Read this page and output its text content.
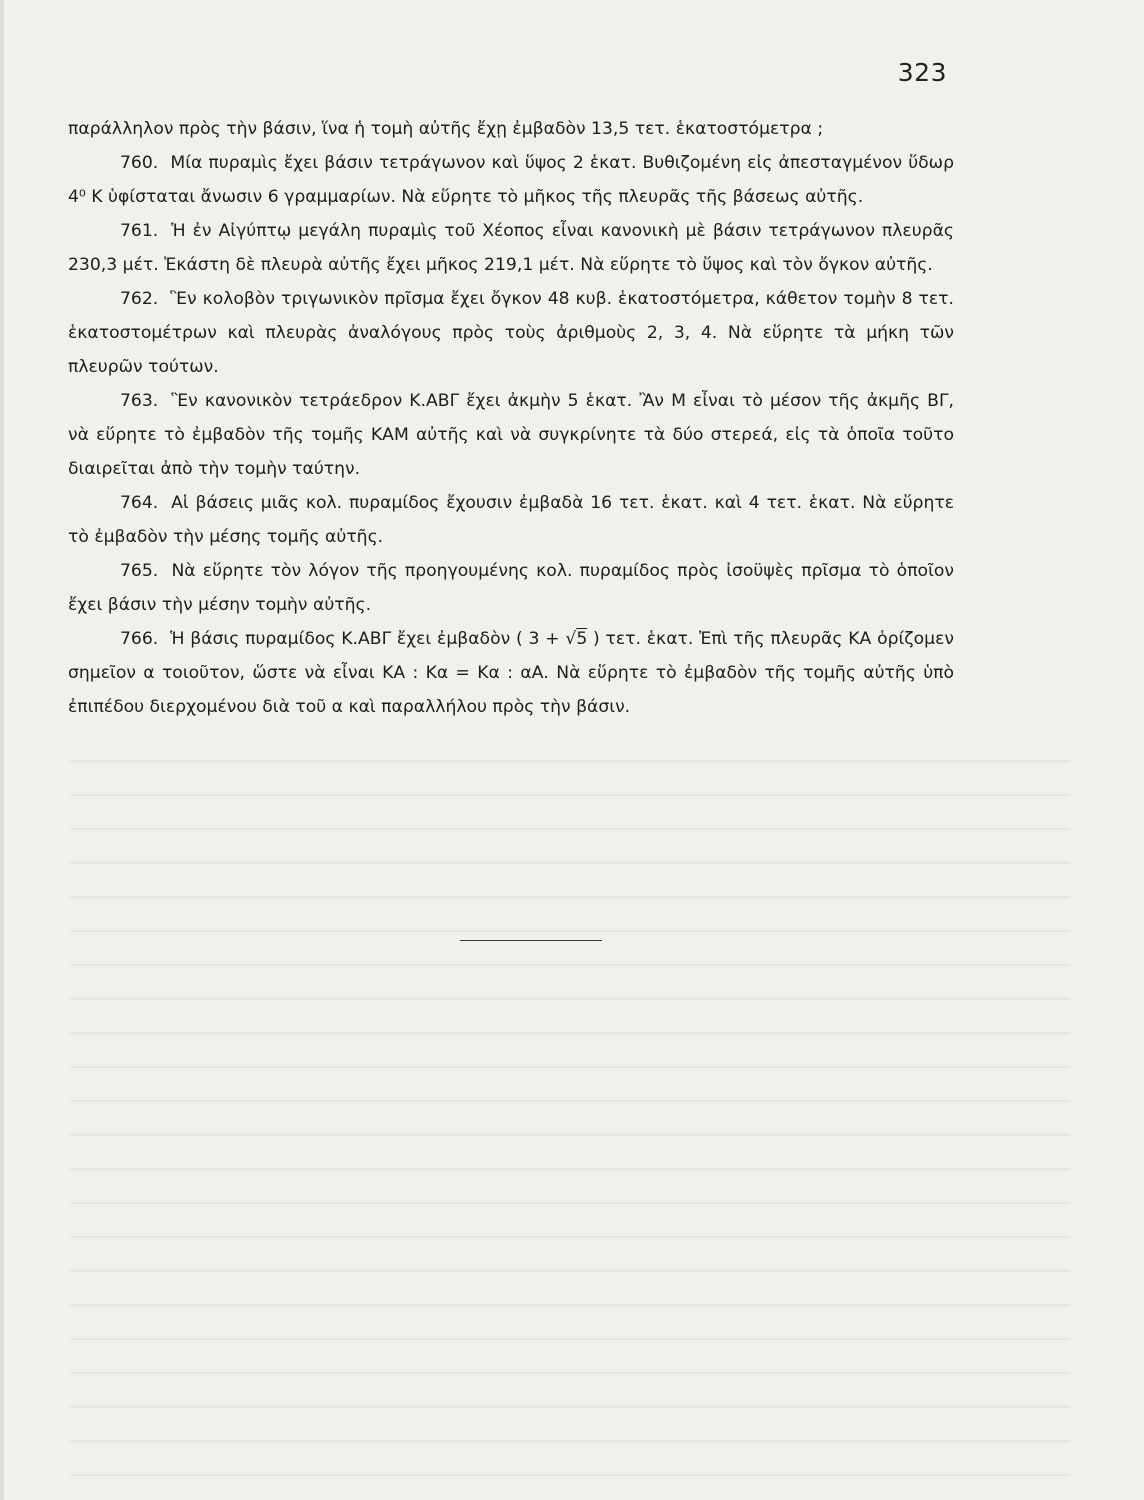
323

παράλληλον πρὸς τὴν βάσιν, ἵνα ἡ τομὴ αὐτῆς ἔχῃ ἐμβαδὸν 13,5 τετ. ἑκατοστόμετρα ;

760. Μία πυραμὶς ἔχει βάσιν τετράγωνον καὶ ὕψος 2 ἑκατ. Βυθιζομένη εἰς ἀπεσταγμένον ὕδωρ 4⁰ Κ ὑφίσταται ἄνωσιν 6 γραμμαρίων. Νὰ εὕρητε τὸ μῆκος τῆς πλευρᾶς τῆς βάσεως αὐτῆς.

761. Ἡ ἐν Αἰγύπτῳ μεγάλη πυραμὶς τοῦ Χέοπος εἶναι κανονικὴ μὲ βάσιν τετράγωνον πλευρᾶς 230,3 μέτ. Ἑκάστη δὲ πλευρὰ αὐτῆς ἔχει μῆκος 219,1 μέτ. Νὰ εὕρητε τὸ ὕψος καὶ τὸν ὄγκον αὐτῆς.

762. Ἓν κολοβὸν τριγωνικὸν πρῖσμα ἔχει ὄγκον 48 κυβ. ἑκατοστόμετρα, κάθετον τομὴν 8 τετ. ἑκατοστομέτρων καὶ πλευρὰς ἀναλόγους πρὸς τοὺς ἀριθμοὺς 2, 3, 4. Νὰ εὕρητε τὰ μήκη τῶν πλευρῶν τούτων.

763. Ἓν κανονικὸν τετράεδρον Κ.ΑΒΓ ἔχει ἀκμὴν 5 ἑκατ. Ἂν Μ εἶναι τὸ μέσον τῆς ἀκμῆς ΒΓ, νὰ εὕρητε τὸ ἐμβαδὸν τῆς τομῆς ΚΑΜ αὐτῆς καὶ νὰ συγκρίνητε τὰ δύο στερεά, εἰς τὰ ὁποῖα τοῦτο διαιρεῖται ἀπὸ τὴν τομὴν ταύτην.

764. Αἱ βάσεις μιᾶς κολ. πυραμίδος ἔχουσιν ἐμβαδὰ 16 τετ. ἑκατ. καὶ 4 τετ. ἑκατ. Νὰ εὕρητε τὸ ἐμβαδὸν τὴν μέσης τομῆς αὐτῆς.

765. Νὰ εὕρητε τὸν λόγον τῆς προηγουμένης κολ. πυραμίδος πρὸς ἰσοϋψὲς πρῖσμα τὸ ὁποῖον ἔχει βάσιν τὴν μέσην τομὴν αὐτῆς.

766. Ἡ βάσις πυραμίδος Κ.ΑΒΓ ἔχει ἐμβαδὸν ( 3 + √5 ) τετ. ἑκατ. Ἐπὶ τῆς πλευρᾶς ΚΑ ὁρίζομεν σημεῖον α τοιοῦτον, ὥστε νὰ εἶναι ΚΑ : Κα = Κα : αΑ. Νὰ εὕρητε τὸ ἐμβαδὸν τῆς τομῆς αὐτῆς ὑπὸ ἐπιπέδου διερχομένου διὰ τοῦ α καὶ παραλλήλου πρὸς τὴν βάσιν.
